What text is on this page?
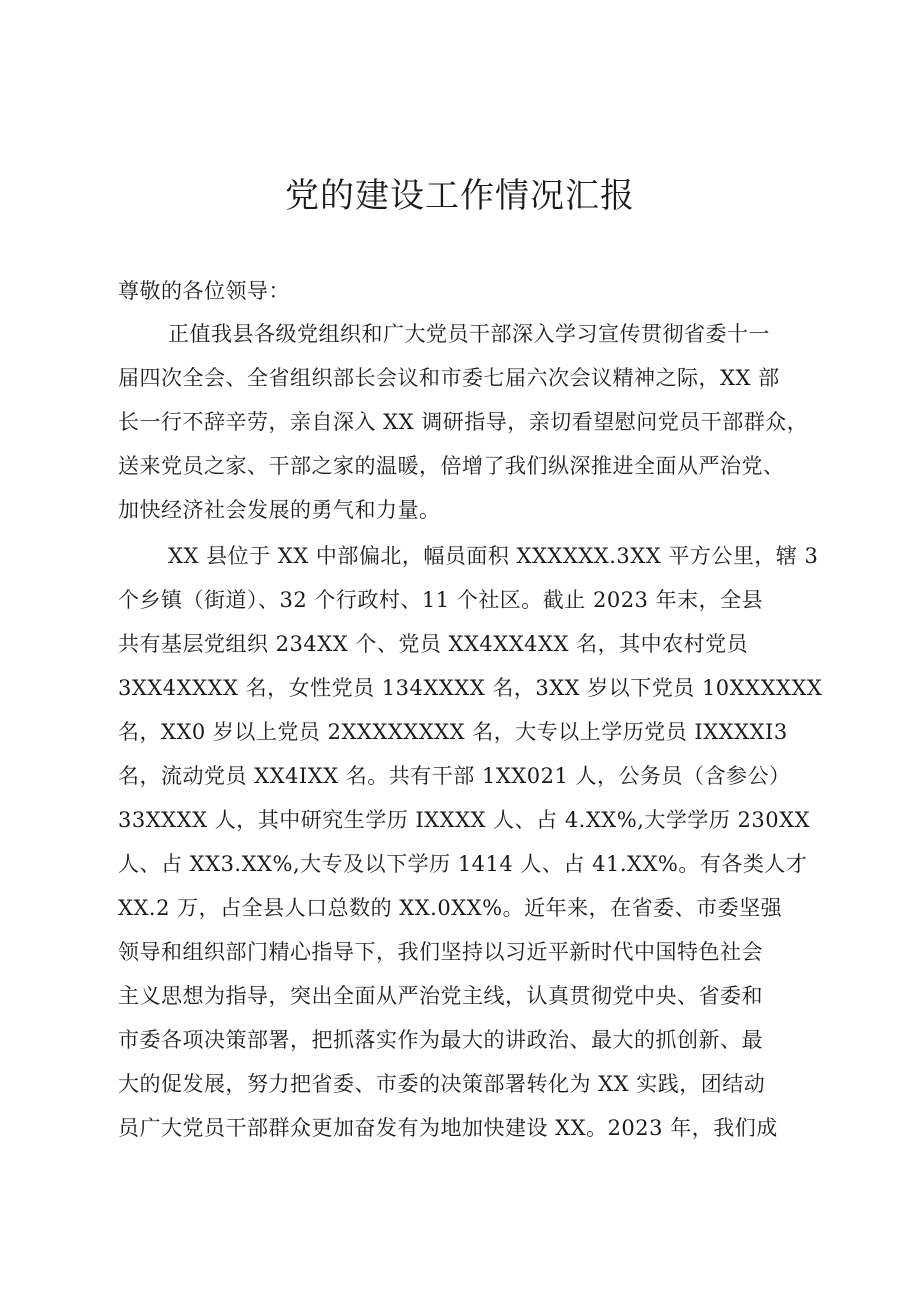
党的建设工作情况汇报
尊敬的各位领导：
正值我县各级党组织和广大党员干部深入学习宣传贯彻省委十一
届四次全会、全省组织部长会议和市委七届六次会议精神之际，XX 部
长一行不辞辛劳，亲自深入 XX 调研指导，亲切看望慰问党员干部群众，
送来党员之家、干部之家的温暖，倍增了我们纵深推进全面从严治党、
加快经济社会发展的勇气和力量。
XX 县位于 XX 中部偏北，幅员面积 XXXXXX.3XX 平方公里，辖 3
个乡镇（街道）、32 个行政村、11 个社区。截止 2023 年末，全县
共有基层党组织 234XX 个、党员 XX4XX4XX 名，其中农村党员
3XX4XXXX 名，女性党员 134XXXX 名，3XX 岁以下党员 10XXXXXX
名，XX0 岁以上党员 2XXXXXXXX 名，大专以上学历党员 IXXXXI3
名，流动党员 XX4IXX 名。共有干部 1XX021 人，公务员（含参公）
33XXXX 人，其中研究生学历 IXXXX 人、占 4.XX%,大学学历 230XX
人、占 XX3.XX%,大专及以下学历 1414 人、占 41.XX%。有各类人才
XX.2 万，占全县人口总数的 XX.0XX%。近年来，在省委、市委坚强
领导和组织部门精心指导下，我们坚持以习近平新时代中国特色社会
主义思想为指导，突出全面从严治党主线，认真贯彻党中央、省委和
市委各项决策部署，把抓落实作为最大的讲政治、最大的抓创新、最
大的促发展，努力把省委、市委的决策部署转化为 XX 实践，团结动
员广大党员干部群众更加奋发有为地加快建设 XX。2023 年，我们成
